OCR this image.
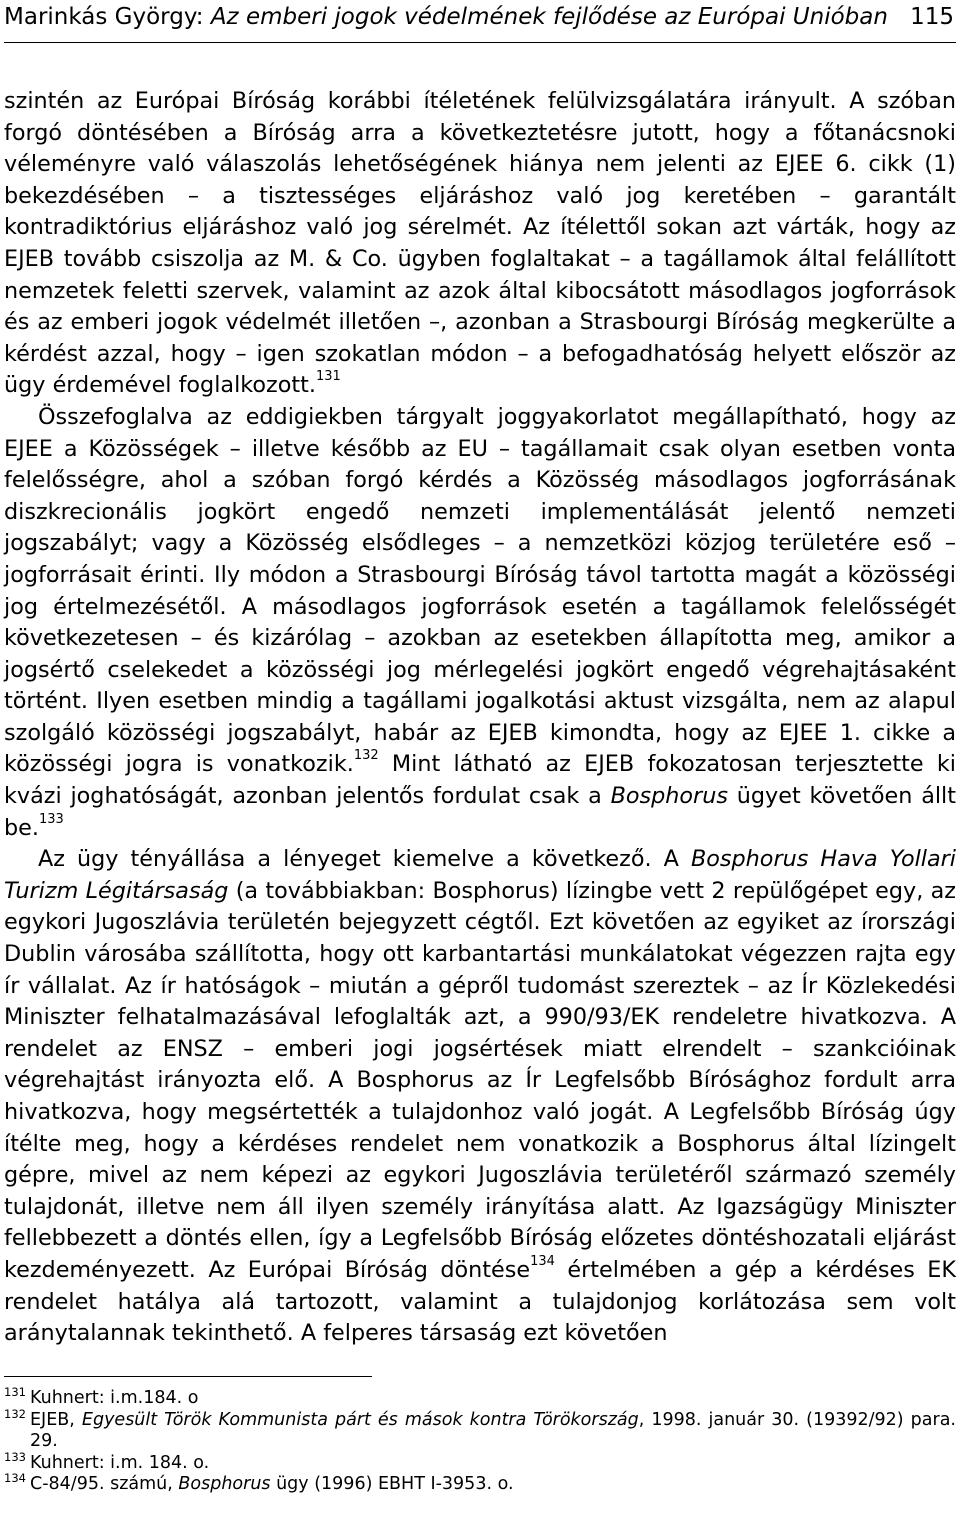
Marinkás György: Az emberi jogok védelmének fejlődése az Európai Unióban 115

szintén az Európai Bíróság korábbi ítéletének felülvizsgálatára irányult. A szóban forgó döntésében a Bíróság arra a következtetésre jutott, hogy a főtanácsnoki véleményre való válaszolás lehetőségének hiánya nem jelenti az EJEE 6. cikk (1) bekezdésében – a tisztességes eljáráshoz való jog keretében – garantált kontradiktórius eljáráshoz való jog sérelmét. Az ítélettől sokan azt várták, hogy az EJEB tovább csiszolja az M. & Co. ügyben foglaltakat – a tagállamok által felállított nemzetek feletti szervek, valamint az azok által kibocsátott másodlagos jogforrások és az emberi jogok védelmét illetően –, azonban a Strasbourgi Bíróság megkerülte a kérdést azzal, hogy – igen szokatlan módon – a befogadhatóság helyett először az ügy érdemével foglalkozott.$^{131}$

Összefoglalva az eddigiekben tárgyalt joggyakorlatot megállapítható, hogy az EJEE a Közösségek – illetve később az EU – tagállamait csak olyan esetben vonta felelősségre, ahol a szóban forgó kérdés a Közösség másodlagos jogforrásának diszkrecionális jogkört engedő nemzeti implementálását jelentő nemzeti jogszabályt; vagy a Közösség elsődleges – a nemzetközi közjog területére eső – jogforrásait érinti. Ily módon a Strasbourgi Bíróság távol tartotta magát a közösségi jog értelmezésétől. A másodlagos jogforrások esetén a tagállamok felelősségét következetesen – és kizárólag – azokban az esetekben állapította meg, amikor a jogsértő cselekedet a közösségi jog mérlegelési jogkört engedő végrehajtásaként történt. Ilyen esetben mindig a tagállami jogalkotási aktust vizsgálta, nem az alapul szolgáló közösségi jogszabályt, habár az EJEB kimondta, hogy az EJEE 1. cikke a közösségi jogra is vonatkozik.$^{132}$ Mint látható az EJEB fokozatosan terjesztette ki kvázi joghatóságát, azonban jelentős fordulat csak a Bosphorus ügyet követően állt be.$^{133}$

Az ügy tényállása a lényeget kiemelve a következő. A Bosphorus Hava Yollari Turizm Légitársaság (a továbbiakban: Bosphorus) lízingbe vett 2 repülőgépet egy, az egykori Jugoszlávia területén bejegyzett cégtől. Ezt követően az egyiket az írországi Dublin városába szállította, hogy ott karbantartási munkálatokat végezzen rajta egy ír vállalat. Az ír hatóságok – miután a gépről tudomást szereztek – az Ír Közlekedési Miniszter felhatalmazásával lefoglalták azt, a 990/93/EK rendeletre hivatkozva. A rendelet az ENSZ – emberi jogi jogsértések miatt elrendelt – szankcióinak végrehajtást irányozta elő. A Bosphorus az Ír Legfelsőbb Bírósághoz fordult arra hivatkozva, hogy megsértették a tulajdonhoz való jogát. A Legfelsőbb Bíróság úgy ítélte meg, hogy a kérdéses rendelet nem vonatkozik a Bosphorus által lízingelt gépre, mivel az nem képezi az egykori Jugoszlávia területéről származó személy tulajdonát, illetve nem áll ilyen személy irányítása alatt. Az Igazságügy Miniszter fellebbezett a döntés ellen, így a Legfelsőbb Bíróság előzetes döntéshozatali eljárást kezdeményezett. Az Európai Bíróság döntése$^{134}$ értelmében a gép a kérdéses EK rendelet hatálya alá tartozott, valamint a tulajdonjog korlátozása sem volt aránytalannak tekinthető. A felperes társaság ezt követően

131 Kuhnert: i.m.184. o
132 EJEB, Egyesült Török Kommunista párt és mások kontra Törökország, 1998. január 30. (19392/92) para. 29.
133 Kuhnert: i.m. 184. o.
134 C-84/95. számú, Bosphorus ügy (1996) EBHT I-3953. o.
